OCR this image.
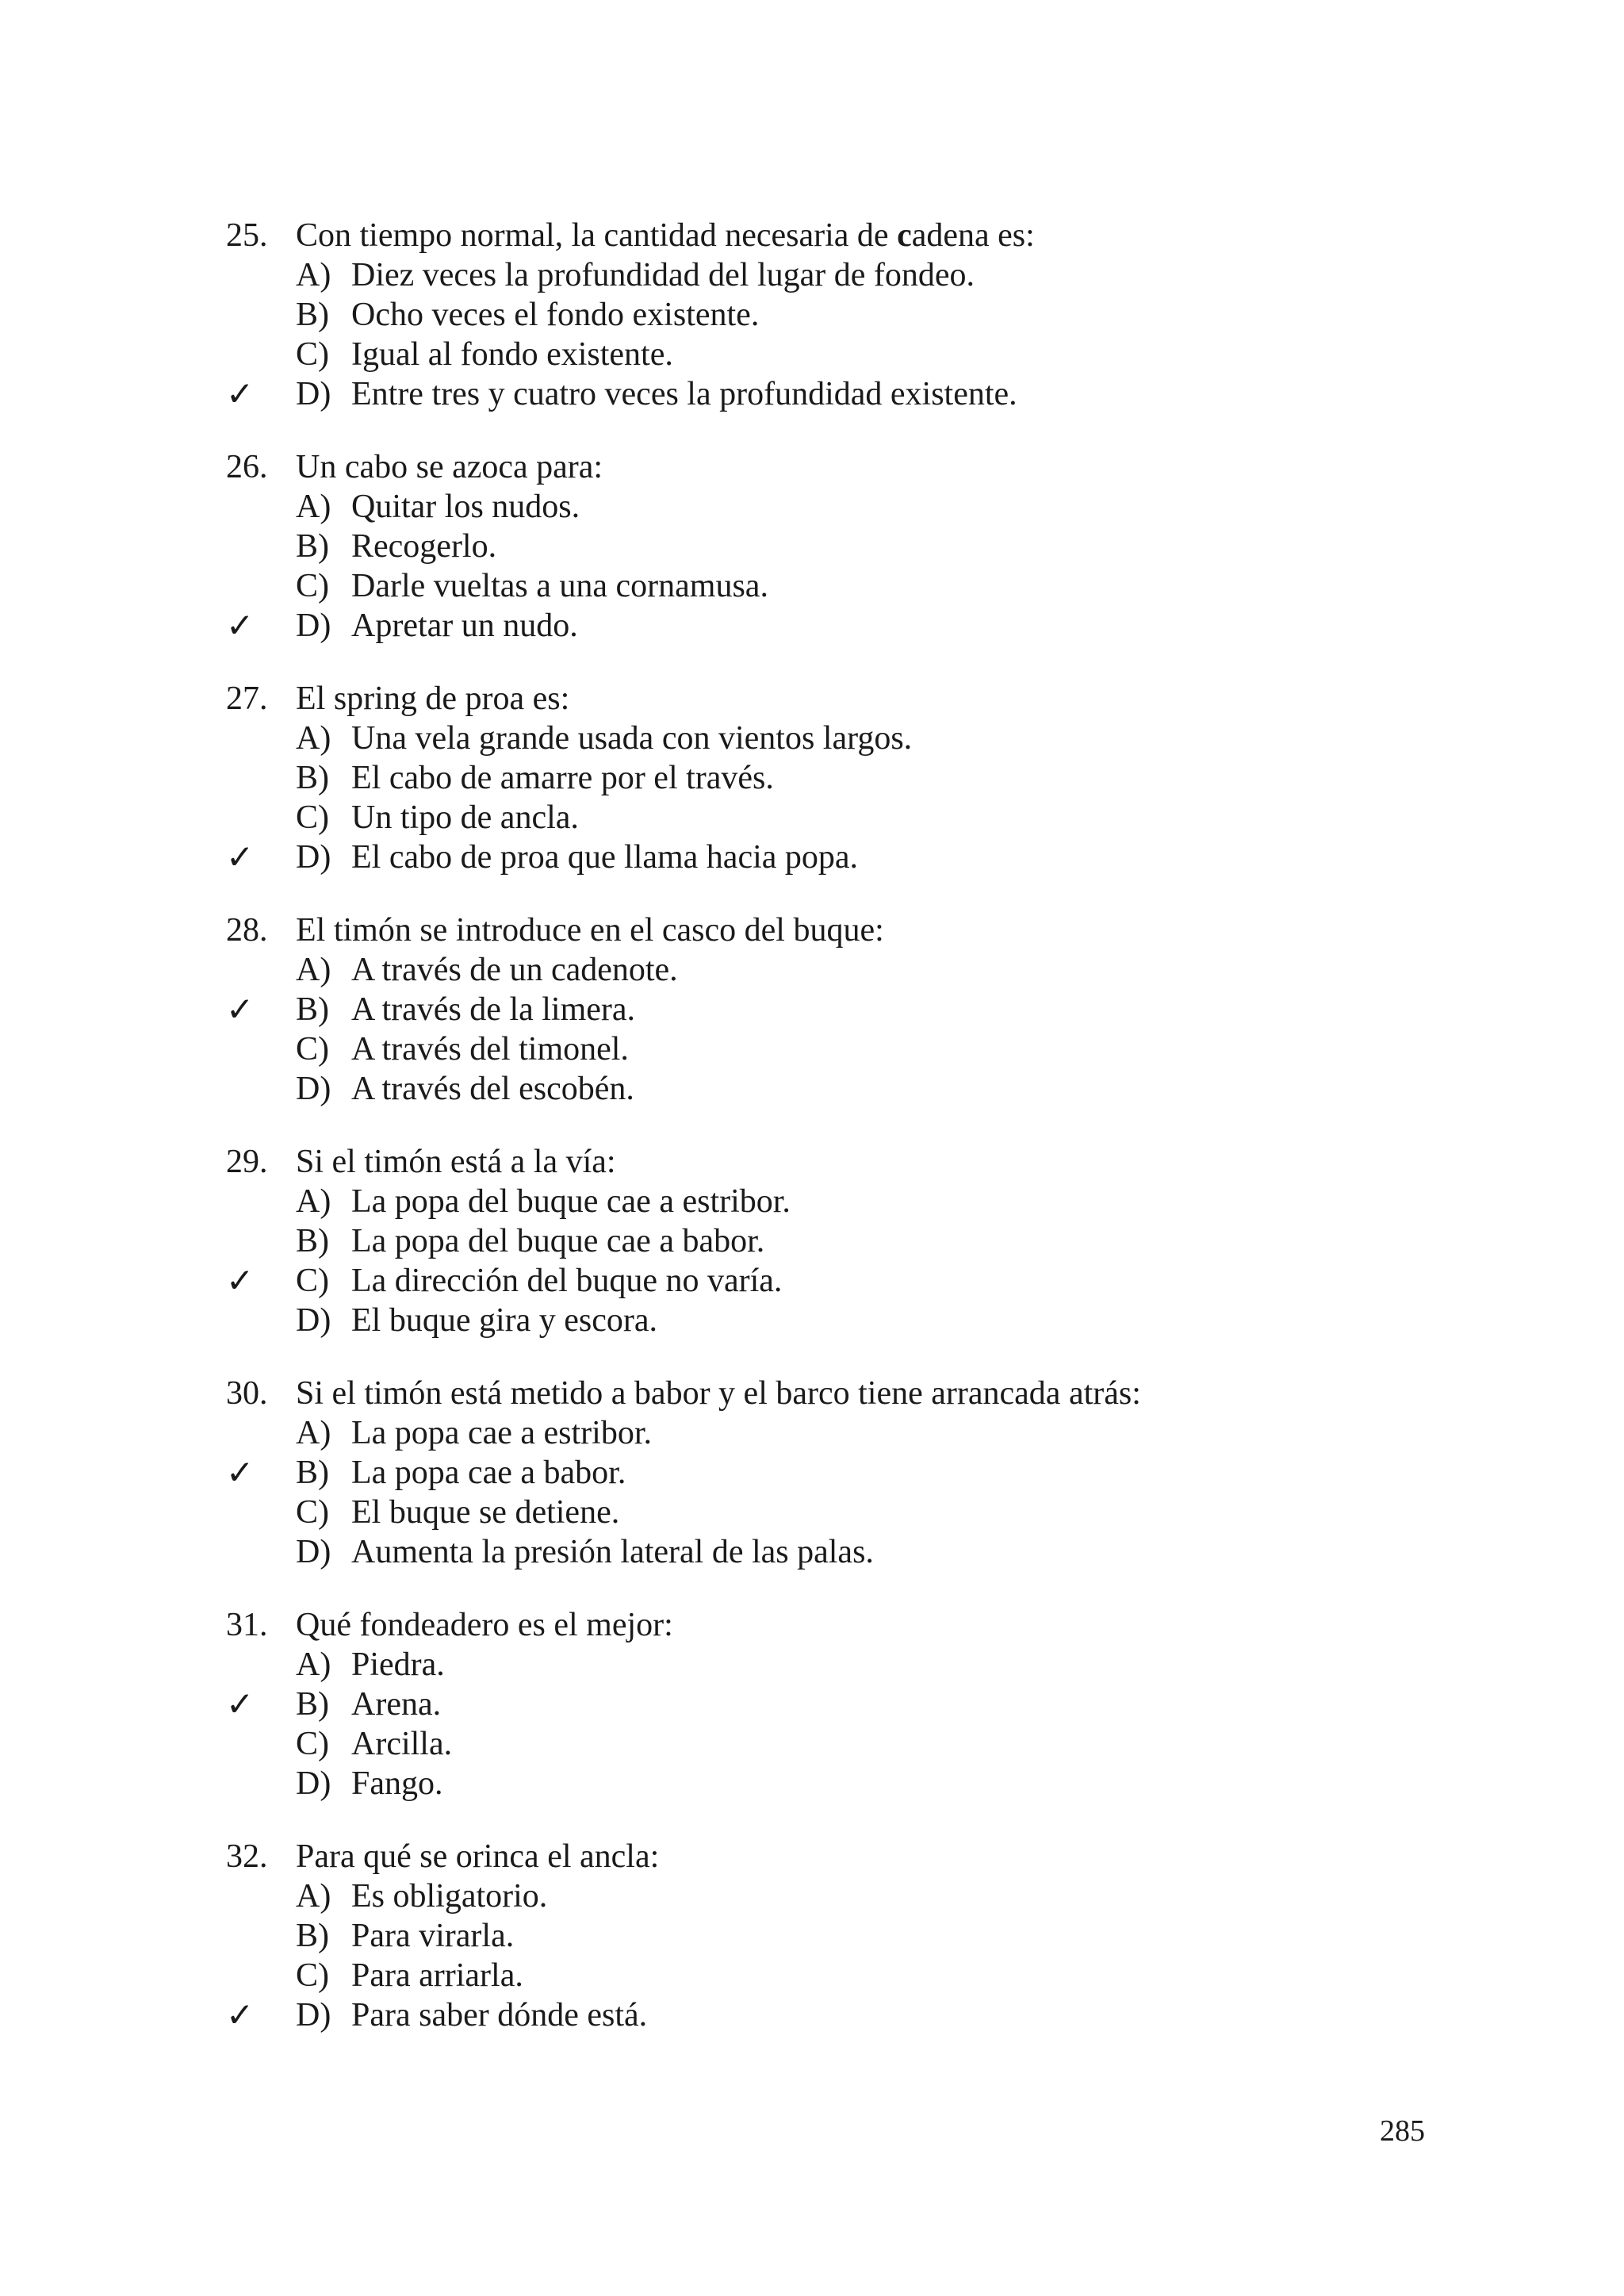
25. Con tiempo normal, la cantidad necesaria de cadena es:
A) Diez veces la profundidad del lugar de fondeo.
B) Ocho veces el fondo existente.
C) Igual al fondo existente.
✓	D) Entre tres y cuatro veces la profundidad existente.
26. Un cabo se azoca para:
A) Quitar los nudos.
B) Recogerlo.
C) Darle vueltas a una cornamusa.
✓	D) Apretar un nudo.
27. El spring de proa es:
A) Una vela grande usada con vientos largos.
B) El cabo de amarre por el través.
C) Un tipo de ancla.
✓	D) El cabo de proa que llama hacia popa.
28. El timón se introduce en el casco del buque:
A) A través de un cadenote.
✓	B) A través de la limera.
C) A través del timonel.
D) A través del escobén.
29. Si el timón está a la vía:
A) La popa del buque cae a estribor.
B) La popa del buque cae a babor.
✓	C) La dirección del buque no varía.
D) El buque gira y escora.
30. Si el timón está metido a babor y el barco tiene arrancada atrás:
A) La popa cae a estribor.
✓	B) La popa cae a babor.
C) El buque se detiene.
D) Aumenta la presión lateral de las palas.
31. Qué fondeadero es el mejor:
A) Piedra.
✓	B) Arena.
C) Arcilla.
D) Fango.
32. Para qué se orinca el ancla:
A) Es obligatorio.
B) Para virarla.
C) Para arriarla.
✓	D) Para saber dónde está.
285
